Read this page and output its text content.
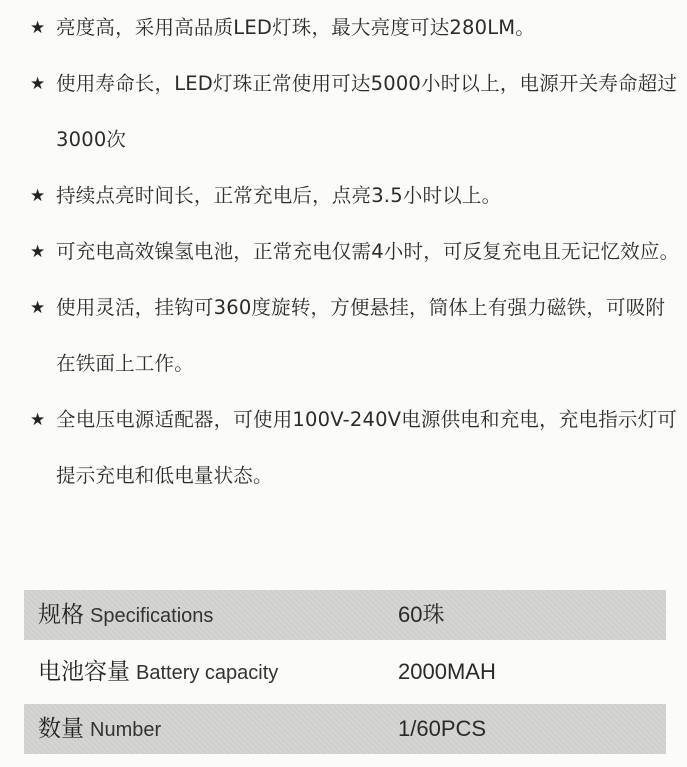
★ 亮度高，采用高品质LED灯珠，最大亮度可达280LM。
★ 使用寿命长，LED灯珠正常使用可达5000小时以上，电源开关寿命超过3000次
★ 持续点亮时间长，正常充电后，点亮3.5小时以上。
★ 可充电高效镍氢电池，正常充电仅需4小时，可反复充电且无记忆效应。
★ 使用灵活，挂钩可360度旋转，方便悬挂，筒体上有强力磁铁，可吸附在铁面上工作。
★ 全电压电源适配器，可使用100V-240V电源供电和充电，充电指示灯可提示充电和低电量状态。
规格 Specifications	60珠
电池容量 Battery capacity	2000MAH
数量 Number	1/60PCS
